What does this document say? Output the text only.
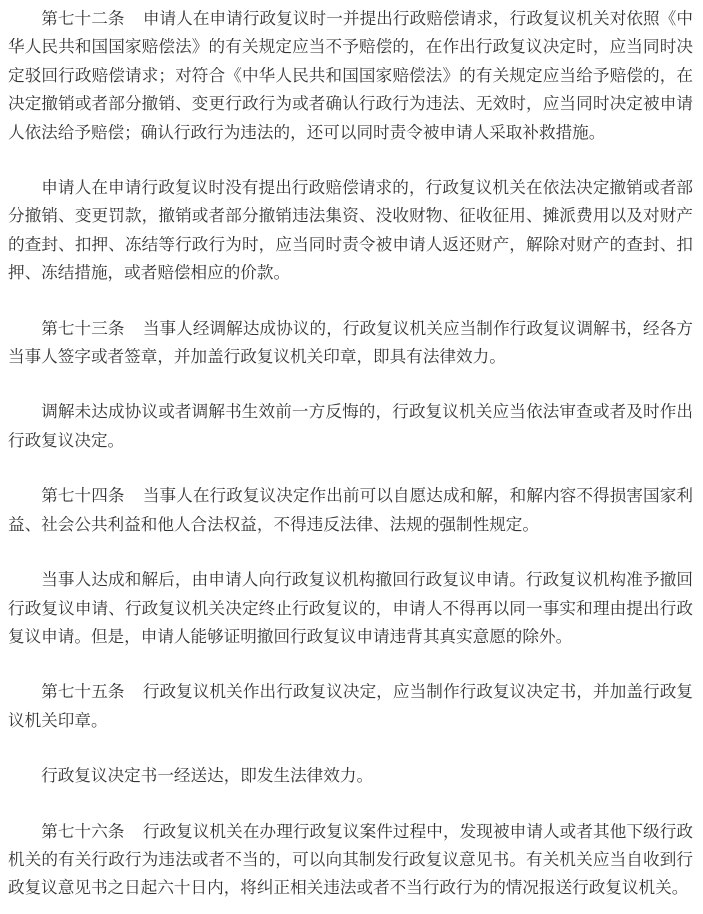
第七十二条 申请人在申请行政复议时一并提出行政赔偿请求，行政复议机关对依照《中华人民共和国国家赔偿法》的有关规定应当不予赔偿的，在作出行政复议决定时，应当同时决定驳回行政赔偿请求；对符合《中华人民共和国国家赔偿法》的有关规定应当给予赔偿的，在决定撤销或者部分撤销、变更行政行为或者确认行政行为违法、无效时，应当同时决定被申请人依法给予赔偿；确认行政行为违法的，还可以同时责令被申请人采取补救措施。

申请人在申请行政复议时没有提出行政赔偿请求的，行政复议机关在依法决定撤销或者部分撤销、变更罚款，撤销或者部分撤销违法集资、没收财物、征收征用、摊派费用以及对财产的查封、扣押、冻结等行政行为时，应当同时责令被申请人返还财产，解除对财产的查封、扣押、冻结措施，或者赔偿相应的价款。

第七十三条 当事人经调解达成协议的，行政复议机关应当制作行政复议调解书，经各方当事人签字或者签章，并加盖行政复议机关印章，即具有法律效力。

调解未达成协议或者调解书生效前一方反悔的，行政复议机关应当依法审查或者及时作出行政复议决定。

第七十四条 当事人在行政复议决定作出前可以自愿达成和解，和解内容不得损害国家利益、社会公共利益和他人合法权益，不得违反法律、法规的强制性规定。

当事人达成和解后，由申请人向行政复议机构撤回行政复议申请。行政复议机构准予撤回行政复议申请、行政复议机关决定终止行政复议的，申请人不得再以同一事实和理由提出行政复议申请。但是，申请人能够证明撤回行政复议申请违背其真实意愿的除外。

第七十五条 行政复议机关作出行政复议决定，应当制作行政复议决定书，并加盖行政复议机关印章。

行政复议决定书一经送达，即发生法律效力。

第七十六条 行政复议机关在办理行政复议案件过程中，发现被申请人或者其他下级行政机关的有关行政行为违法或者不当的，可以向其制发行政复议意见书。有关机关应当自收到行政复议意见书之日起六十日内，将纠正相关违法或者不当行政行为的情况报送行政复议机关。
